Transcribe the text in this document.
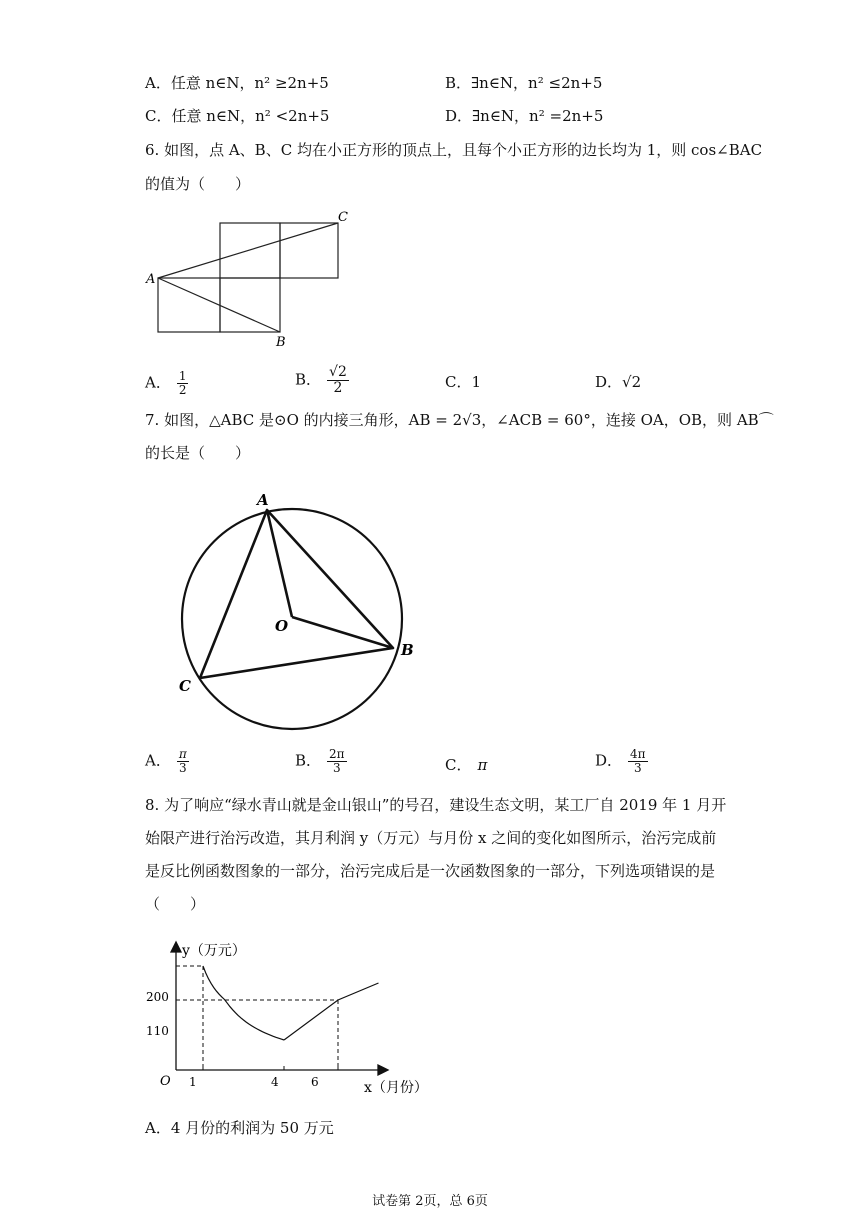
A．任意 n∈N，n² ≥2n+5	B．∃n∈N，n² ≤2n+5
C．任意 n∈N，n² <2n+5	D．∃n∈N，n² =2n+5
6. 如图，点 A、B、C 均在小正方形的顶点上，且每个小正方形的边长均为 1，则 cos∠BAC
的值为（　　）
A
B
C
A． $\frac{1}{2}$	B． $\frac{√2}{2}$	C．1	D．√2
7. 如图，△ABC 是⊙O 的内接三角形，AB = 2√3，∠ACB = 60°，连接 OA，OB，则 AB⌒
的长是（　　）
A
B
C
O
A． $\frac{\pi}{3}$	B． $\frac{2\pi}{3}$	C． π	D． $\frac{4\pi}{3}$
8. 为了响应“绿水青山就是金山银山”的号召，建设生态文明，某工厂自 2019 年 1 月开
始限产进行治污改造，其月利润 y（万元）与月份 x 之间的变化如图所示，治污完成前
是反比例函数图象的一部分，治污完成后是一次函数图象的一部分，下列选项错误的是
（　　）
y（万元）
x（月份）
O
200
110
1	4	6
A．4 月份的利润为 50 万元
试卷第 2页，总 6页
